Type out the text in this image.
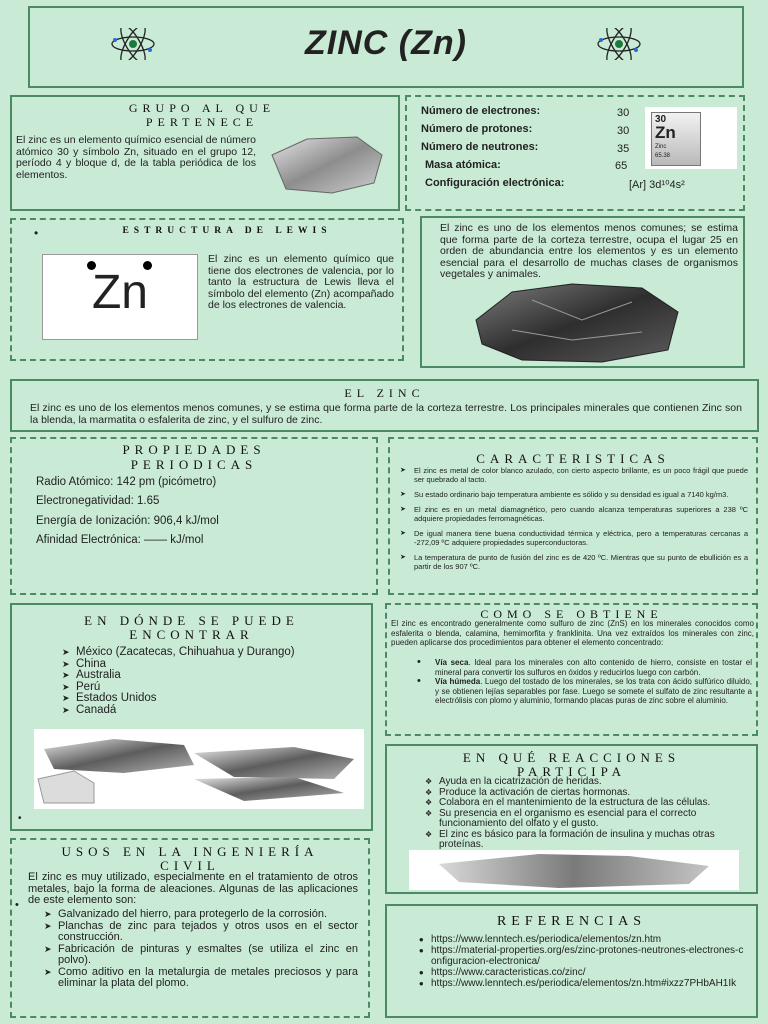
ZINC (Zn)
GRUPO AL QUE PERTENECE
El zinc es un elemento químico esencial de número atómico 30 y símbolo Zn, situado en el grupo 12, período 4 y bloque d, de la tabla periódica de los elementos.
Número de electrones:	30
Número de protones:	30
Número de neutrones:	35
Masa atómica:	65
Configuración electrónica:	[Ar] 3d¹⁰4s²
30
Zn
Zinc
65.38
•	ESTRUCTURA DE LEWIS
Zn
El zinc es un elemento químico que tiene dos electrones de valencia, por lo tanto la estructura de Lewis lleva el símbolo del elemento (Zn) acompañado de los electrones de valencia.
El zinc es uno de los elementos menos comunes; se estima que forma parte de la corteza terrestre, ocupa el lugar 25 en orden de abundancia entre los elementos y es un elemento esencial para el desarrollo de muchas clases de organismos vegetales y animales.
EL ZINC
El zinc es uno de los elementos menos comunes, y se estima que forma parte de la corteza terrestre. Los principales minerales que contienen Zinc son la blenda, la marmatita o esfalerita de zinc, y el sulfuro de zinc.
PROPIEDADES
PERIODICAS
Radio Atómico: 142 pm (picómetro)
Electronegatividad: 1.65
Energía de Ionización: 906,4 kJ/mol
Afinidad Electrónica: —— kJ/mol
CARACTERISTICAS
➤ El zinc es metal de color blanco azulado, con cierto aspecto brillante, es un poco frágil que puede ser quebrado al tacto.
➤ Su estado ordinario bajo temperatura ambiente es sólido y su densidad es igual a 7140 kg/m3.
➤ El zinc es en un metal diamagnético, pero cuando alcanza temperaturas superiores a 238 ºC adquiere propiedades ferromagnéticas.
➤ De igual manera tiene buena conductividad térmica y eléctrica, pero a temperaturas cercanas a -272,09 ºC adquiere propiedades superconductoras.
➤ La temperatura de punto de fusión del zinc es de 420 ºC. Mientras que su punto de ebullición es a partir de los 907 ºC.
EN DÓNDE SE PUEDE
ENCONTRAR
➤ México (Zacatecas, Chihuahua y Durango)
➤ China
➤ Australia
➤ Perú
➤ Estados Unidos
➤ Canadá
•
COMO SE OBTIENE
El zinc es encontrado generalmente como sulfuro de zinc (ZnS) en los minerales conocidos como esfalerita o blenda, calamina, hemimorfita y franklinita. Una vez extraídos los minerales con zinc, pueden aplicarse dos procedimientos para obtener el elemento concentrado:
• Vía seca. Ideal para los minerales con alto contenido de hierro, consiste en tostar el mineral para convertir los sulfuros en óxidos y reducirlos luego con carbón.
• Vía húmeda. Luego del tostado de los minerales, se los trata con ácido sulfúrico diluido, y se obtienen lejías separables por fase. Luego se somete el sulfato de zinc resultante a electrólisis con plomo y aluminio, formando placas puras de zinc sobre el aluminio.
EN QUÉ REACCIONES
PARTICIPA
❖ Ayuda en la cicatrización de heridas.
❖ Produce la activación de ciertas hormonas.
❖ Colabora en el mantenimiento de la estructura de las células.
❖ Su presencia en el organismo es esencial para el correcto funcionamiento del olfato y el gusto.
❖ El zinc es básico para la formación de insulina y muchas otras proteínas.
USOS EN LA INGENIERÍA
CIVIL
El zinc es muy utilizado, especialmente en el tratamiento de otros metales, bajo la forma de aleaciones. Algunas de las aplicaciones de este elemento son:
•
➤ Galvanizado del hierro, para protegerlo de la corrosión.
➤ Planchas de zinc para tejados y otros usos en el sector construcción.
➤ Fabricación de pinturas y esmaltes (se utiliza el zinc en polvo).
➤ Como aditivo en la metalurgia de metales preciosos y para eliminar la plata del plomo.
REFERENCIAS
• https://www.lenntech.es/periodica/elementos/zn.htm
• https://material-properties.org/es/zinc-protones-neutrones-electrones-configuracion-electronica/
• https://www.caracteristicas.co/zinc/
• https://www.lenntech.es/periodica/elementos/zn.htm#ixzz7PHbAH1Ik
